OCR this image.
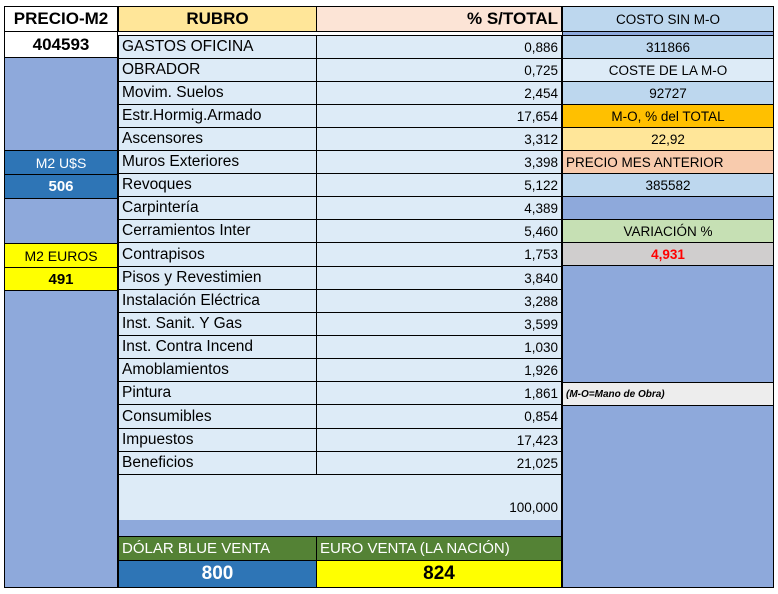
PRECIO-M2
404593
M2 U$S
506
M2 EUROS
491
RUBRO	% S/TOTAL
GASTOS OFICINA	0,886
OBRADOR	0,725
Movim. Suelos	2,454
Estr.Hormig.Armado	17,654
Ascensores	3,312
Muros Exteriores	3,398
Revoques	5,122
Carpintería	4,389
Cerramientos Inter	5,460
Contrapisos	1,753
Pisos y Revestimien	3,840
Instalación Eléctrica	3,288
Inst. Sanit. Y Gas	3,599
Inst. Contra Incend	1,030
Amoblamientos	1,926
Pintura	1,861
Consumibles	0,854
Impuestos	17,423
Beneficios	21,025
100,000
DÓLAR BLUE VENTA	EURO VENTA (LA NACIÓN)
800	824
COSTO SIN M-O
311866
COSTE DE LA M-O
92727
M-O, % del TOTAL
22,92
PRECIO MES ANTERIOR
385582
VARIACIÓN %
4,931
(M-O=Mano de Obra)
